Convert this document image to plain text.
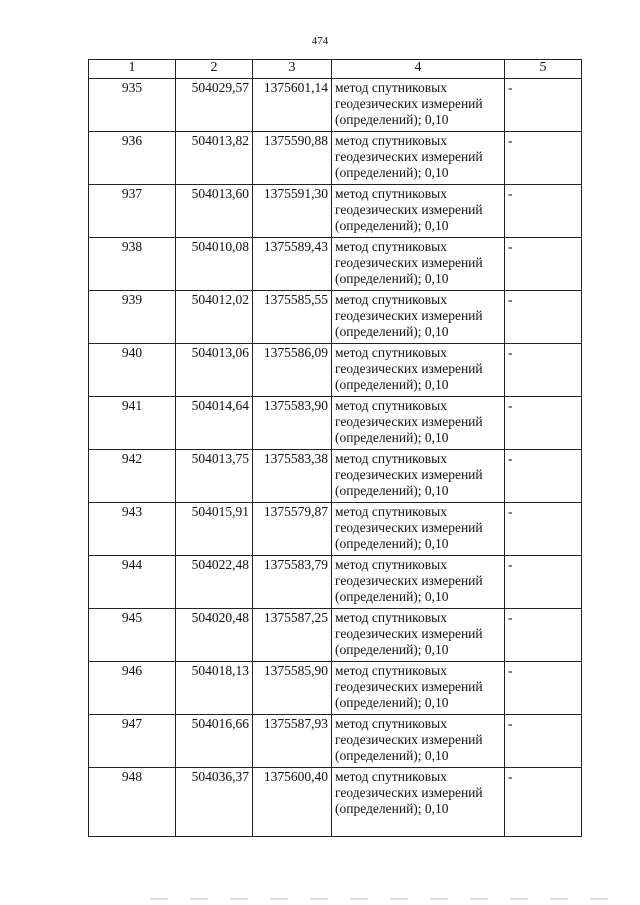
474
1	2	3	4	5
935	504029,57	1375601,14	метод спутниковых геодезических измерений (определений); 0,10	-
936	504013,82	1375590,88	метод спутниковых геодезических измерений (определений); 0,10	-
937	504013,60	1375591,30	метод спутниковых геодезических измерений (определений); 0,10	-
938	504010,08	1375589,43	метод спутниковых геодезических измерений (определений); 0,10	-
939	504012,02	1375585,55	метод спутниковых геодезических измерений (определений); 0,10	-
940	504013,06	1375586,09	метод спутниковых геодезических измерений (определений); 0,10	-
941	504014,64	1375583,90	метод спутниковых геодезических измерений (определений); 0,10	-
942	504013,75	1375583,38	метод спутниковых геодезических измерений (определений); 0,10	-
943	504015,91	1375579,87	метод спутниковых геодезических измерений (определений); 0,10	-
944	504022,48	1375583,79	метод спутниковых геодезических измерений (определений); 0,10	-
945	504020,48	1375587,25	метод спутниковых геодезических измерений (определений); 0,10	-
946	504018,13	1375585,90	метод спутниковых геодезических измерений (определений); 0,10	-
947	504016,66	1375587,93	метод спутниковых геодезических измерений (определений); 0,10	-
948	504036,37	1375600,40	метод спутниковых геодезических измерений (определений); 0,10	-
